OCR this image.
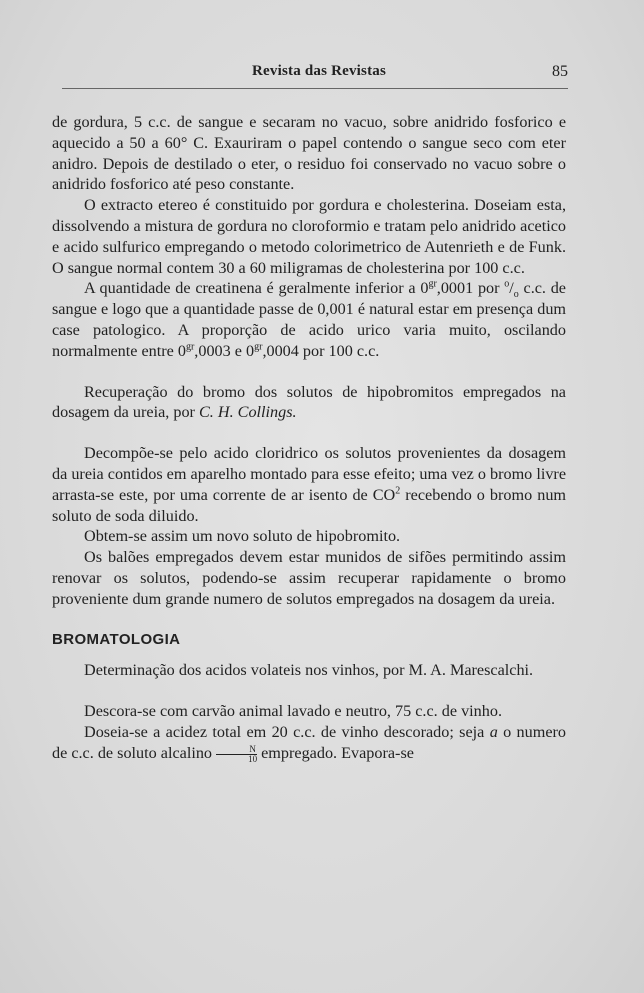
Revista das Revistas	85

de gordura, 5 c.c. de sangue e secaram no vacuo, sobre anidrido fosforico e aquecido a 50 a 60° C. Exauriram o papel contendo o sangue seco com eter anidro. Depois de destilado o eter, o residuo foi conservado no vacuo sobre o anidrido fosforico até peso constante.

O extracto etereo é constituido por gordura e cholesterina. Doseiam esta, dissolvendo a mistura de gordura no cloroformio e tratam pelo anidrido acetico e acido sulfurico empregando o metodo colorimetrico de Autenrieth e de Funk. O sangue normal contem 30 a 60 miligramas de cholesterina por 100 c.c.

A quantidade de creatinena é geralmente inferior a $0^{gr},0001$ por $^o/_o$ c.c. de sangue e logo que a quantidade passe de 0,001 é natural estar em presença dum case patologico. A proporção de acido urico varia muito, oscilando normalmente entre $0^{gr},0003$ e $0^{gr},0004$ por 100 c.c.

Recuperação do bromo dos solutos de hipobromitos empregados na dosagem da ureia, por C. H. Collings.

Decompõe-se pelo acido cloridrico os solutos provenientes da dosagem da ureia contidos em aparelho montado para esse efeito; uma vez o bromo livre arrasta-se este, por uma corrente de ar isento de $CO^2$ recebendo o bromo num soluto de soda diluido.

Obtem-se assim um novo soluto de hipobromito.

Os balões empregados devem estar munidos de sifões permitindo assim renovar os solutos, podendo-se assim recuperar rapidamente o bromo proveniente dum grande numero de solutos empregados na dosagem da ureia.

BROMATOLOGIA

Determinação dos acidos volateis nos vinhos, por M. A. Marescalchi.

Descora-se com carvão animal lavado e neutro, 75 c.c. de vinho.

Doseia-se a acidez total em 20 c.c. de vinho descorado; seja a o numero de c.c. de soluto alcalino $\frac{N}{10}$ empregado. Evapora-se
